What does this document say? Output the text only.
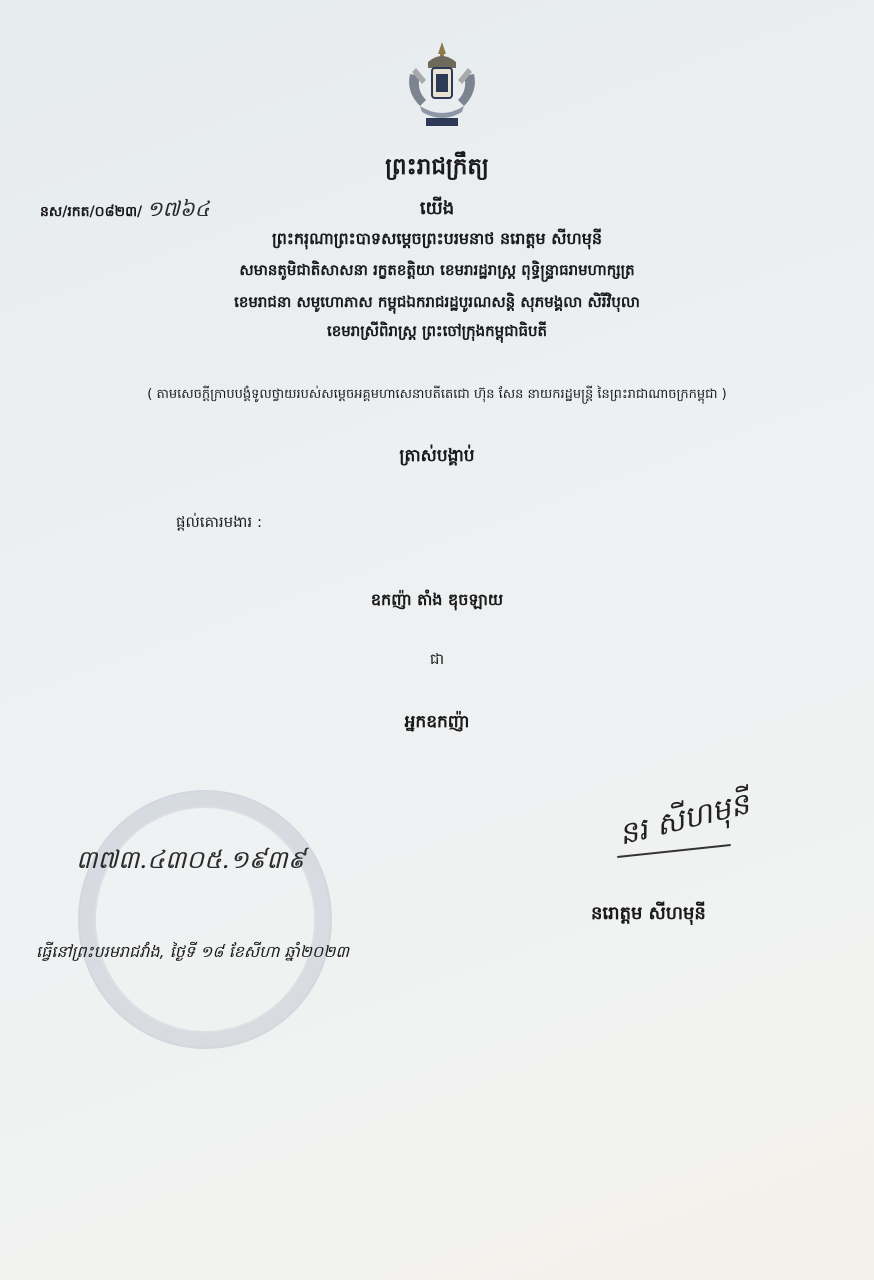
ព្រះរាជក្រឹត្យ
នស/រកត/០៨២៣/ ១៧៦៤	យើង
ព្រះករុណាព្រះបាទសម្តេចព្រះបរមនាថ នរោត្តម សីហមុនី
សមានតូមិជាតិសាសនា រក្ខតខត្តិយា ខេមរារដ្ឋរាស្ត្រ ពុទ្ធិន្ទ្រាធរាមហាក្សត្រ
ខេមរាជនា សមូហោភាស កម្ពុជឯករាជរដ្ឋបូរណសន្តិ សុភមង្គលា សិរីវិបុលា
ខេមរាស្រីពិរាស្ត្រ ព្រះចៅក្រុងកម្ពុជាធិបតី
( តាមសេចក្តីក្រាបបង្គំទូលថ្វាយរបស់សម្តេចអគ្គមហាសេនាបតីតេជោ ហ៊ុន សែន នាយករដ្ឋមន្ត្រី នៃព្រះរាជាណាចក្រកម្ពុជា )
ត្រាស់បង្គាប់
ផ្តល់គោរមងារ :
ឧកញ៉ា តាំង ឌុចឡាយ
ជា
អ្នកឧកញ៉ា
៣៧៣.៤៣០៥.១៩៣៩
ធ្វើនៅព្រះបរមរាជវាំង, ថ្ងៃទី ១៨ ខែសីហា ឆ្នាំ២០២៣
នរ សីហមុនី
នរោត្តម សីហមុនី
